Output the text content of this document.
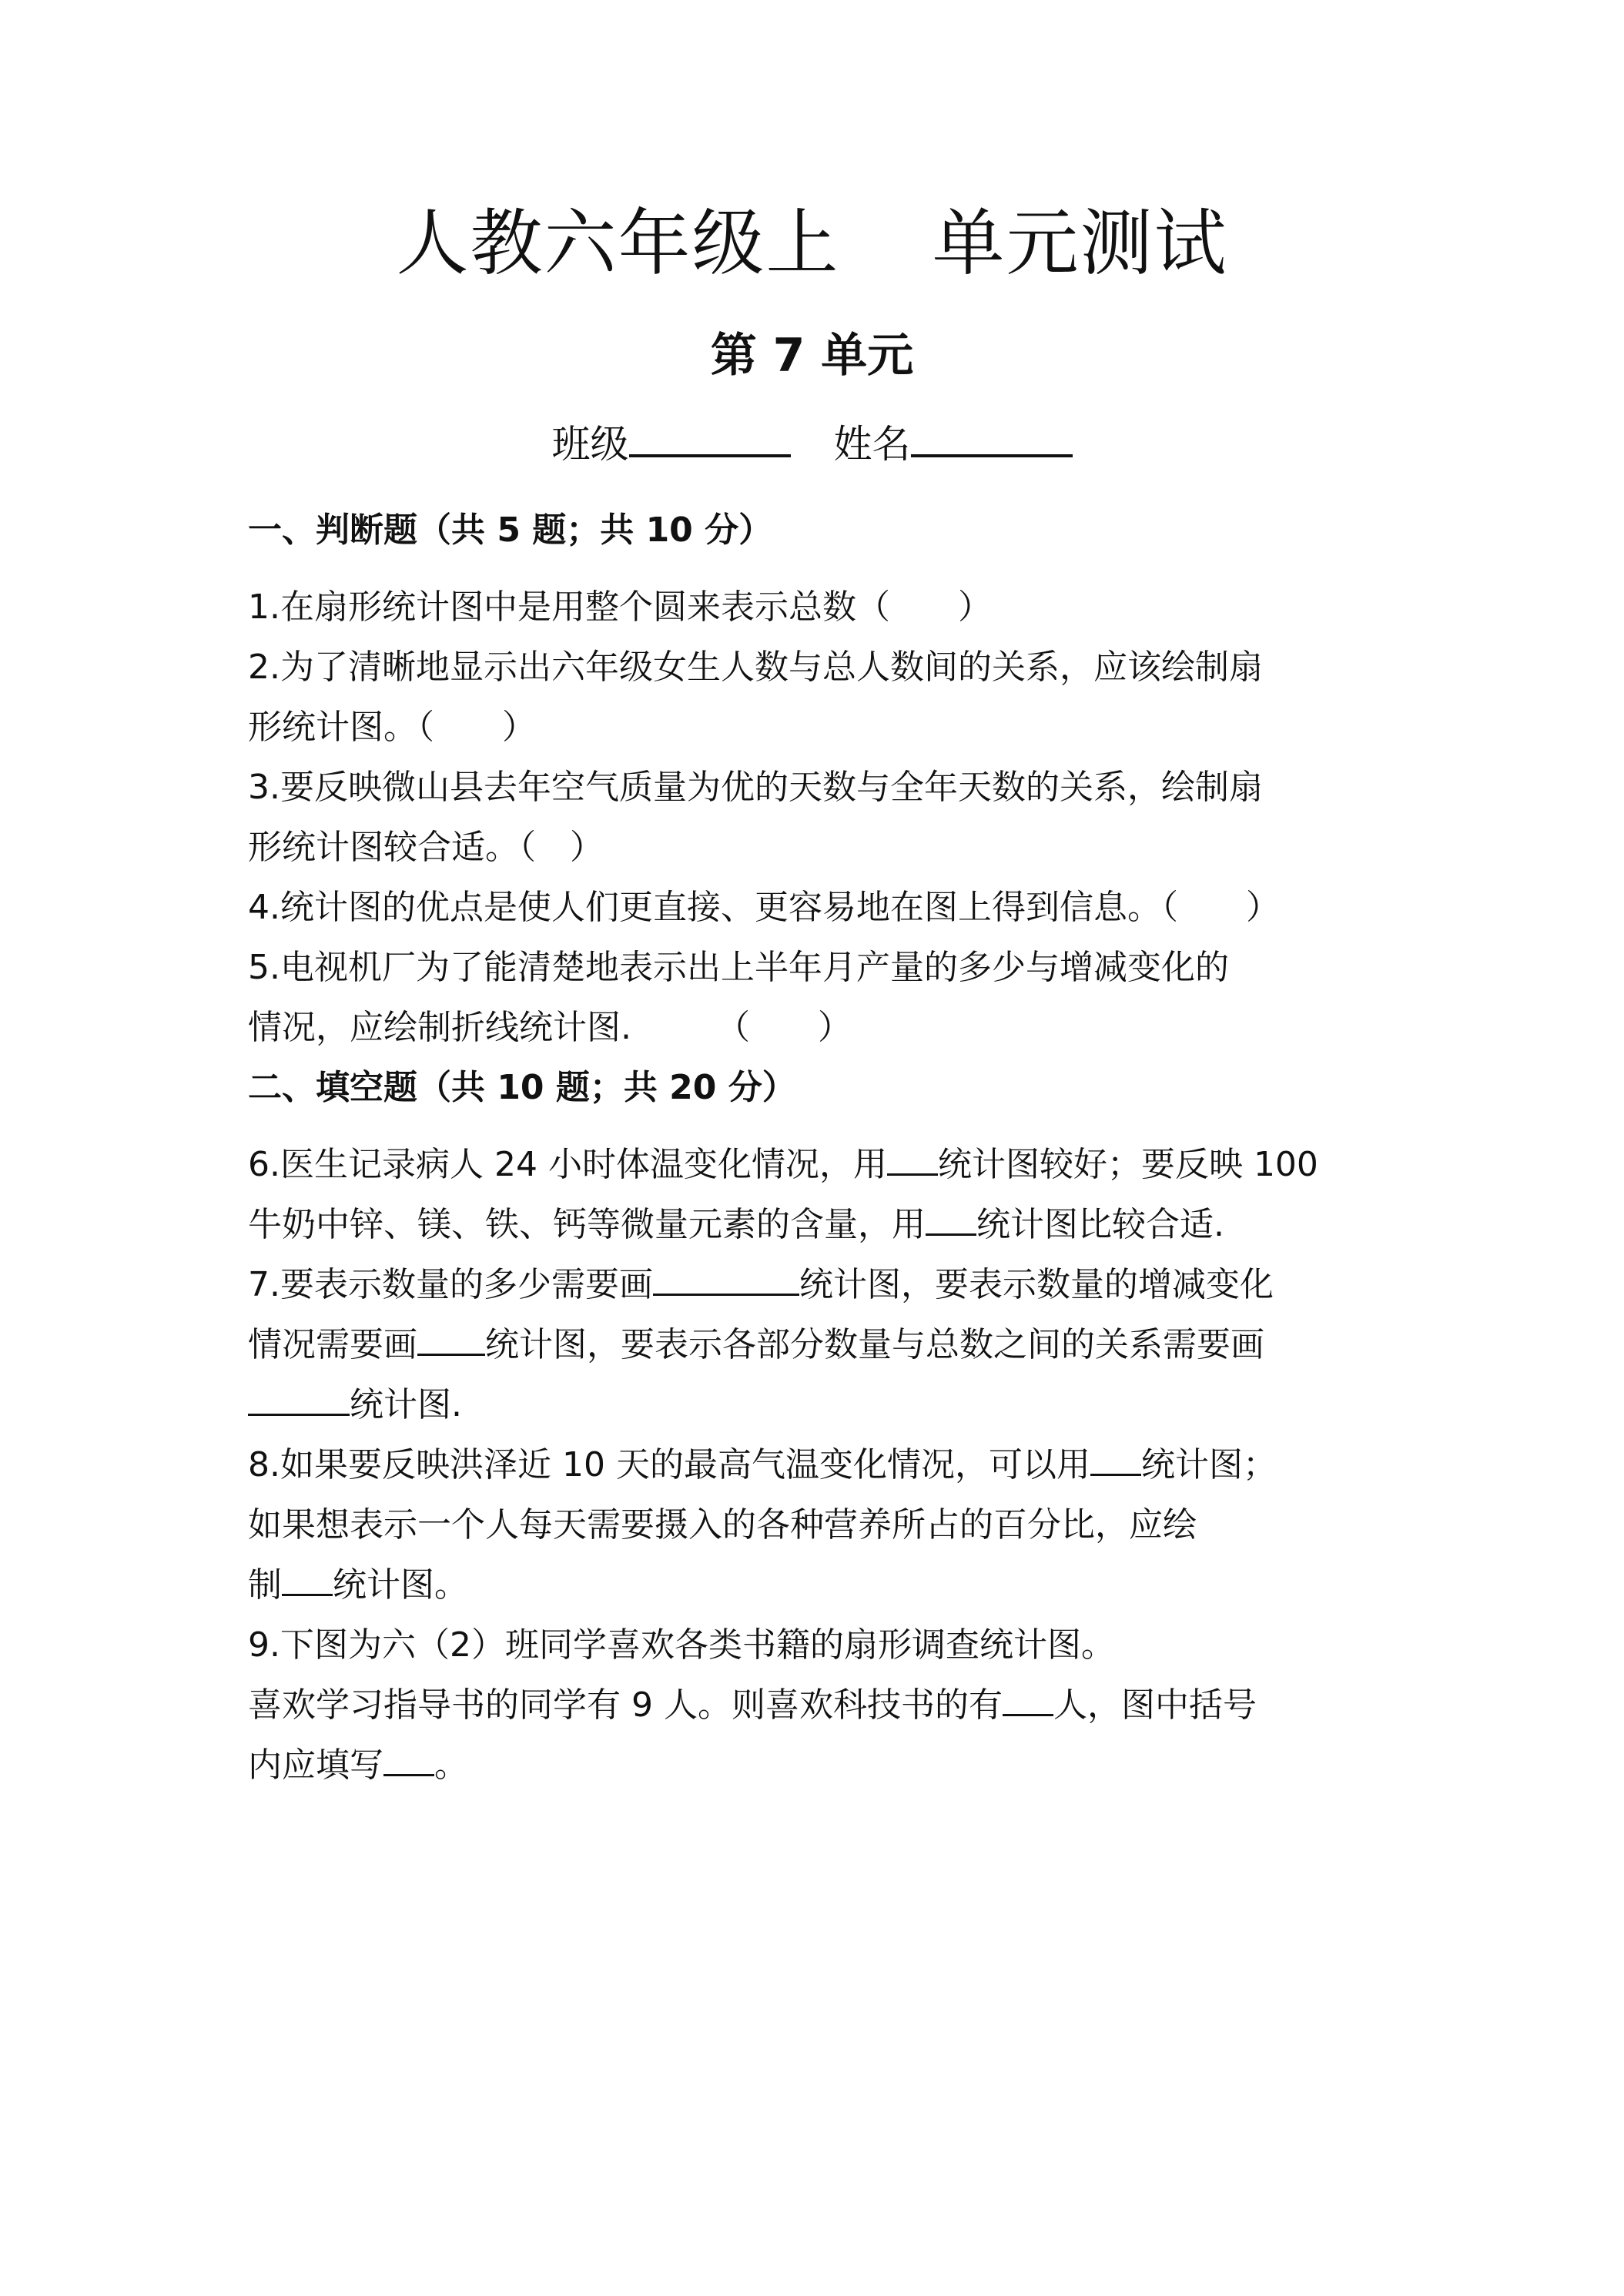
人教六年级上 单元测试
第 7 单元
班级	姓名

一、判断题（共 5 题；共 10 分）

1.在扇形统计图中是用整个圆来表示总数（　　）
2.为了清晰地显示出六年级女生人数与总人数间的关系，应该绘制扇
形统计图。（　　）
3.要反映微山县去年空气质量为优的天数与全年天数的关系，绘制扇
形统计图较合适。（　）
4.统计图的优点是使人们更直接、更容易地在图上得到信息。（　　）
5.电视机厂为了能清楚地表示出上半年月产量的多少与增减变化的
情况，应绘制折线统计图.　　　（　　）

二、填空题（共 10 题；共 20 分）

6.医生记录病人 24 小时体温变化情况，用 统计图较好；要反映 100
牛奶中锌、镁、铁、钙等微量元素的含量，用 统计图比较合适.
7.要表示数量的多少需要画	统计图，要表示数量的增减变化
情况需要画 统计图，要表示各部分数量与总数之间的关系需要画
统计图.
8.如果要反映洪泽近 10 天的最高气温变化情况，可以用 统计图；
如果想表示一个人每天需要摄入的各种营养所占的百分比，应绘
制 统计图。
9.下图为六（2）班同学喜欢各类书籍的扇形调查统计图。
喜欢学习指导书的同学有 9 人。则喜欢科技书的有 人，图中括号
内应填写 。
